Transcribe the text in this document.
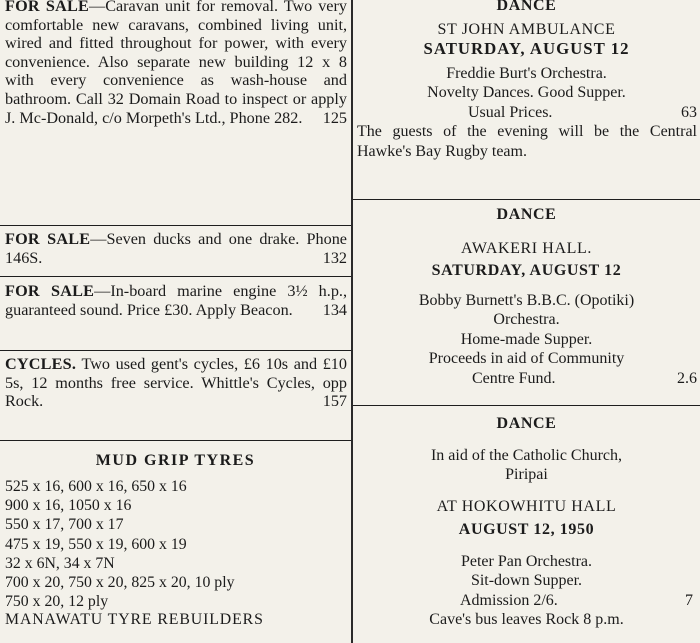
FOR SALE—Caravan unit for removal. Two very comfortable new caravans, combined living unit, wired and fitted throughout for power, with every convenience. Also separate new building 12 x 8 with every convenience as wash-house and bathroom. Call 32 Domain Road to inspect or apply J. Mc-Donald, c/o Morpeth's Ltd., Phone 282. 125

FOR SALE—Seven ducks and one drake. Phone 146S.	132

FOR SALE—In-board marine engine 3½ h.p., guaranteed sound. Price £30. Apply Beacon. 134

CYCLES. Two used gent's cycles, £6 10s and £10 5s, 12 months free service. Whittle's Cycles, opp Rock.	157

MUD GRIP TYRES
525 x 16, 600 x 16, 650 x 16
900 x 16, 1050 x 16
550 x 17, 700 x 17
475 x 19, 550 x 19, 600 x 19
32 x 6N, 34 x 7N
700 x 20, 750 x 20, 825 x 20, 10 ply
750 x 20, 12 ply
MANAWATU TYRE REBUILDERS
DANCE
ST JOHN AMBULANCE
SATURDAY, AUGUST 12
Freddie Burt's Orchestra.
Novelty Dances. Good Supper.
Usual Prices.	63

The guests of the evening will be the Central Hawke's Bay Rugby team.
DANCE
AWAKERI HALL.
SATURDAY, AUGUST 12
Bobby Burnett's B.B.C. (Opotiki)
Orchestra.
Home-made Supper.
Proceeds in aid of Community
Centre Fund.	2.6

DANCE
In aid of the Catholic Church,
Piripai
AT HOKOWHITU HALL
AUGUST 12, 1950
Peter Pan Orchestra.
Sit-down Supper.
Admission 2/6.	7

Cave's bus leaves Rock 8 p.m.
